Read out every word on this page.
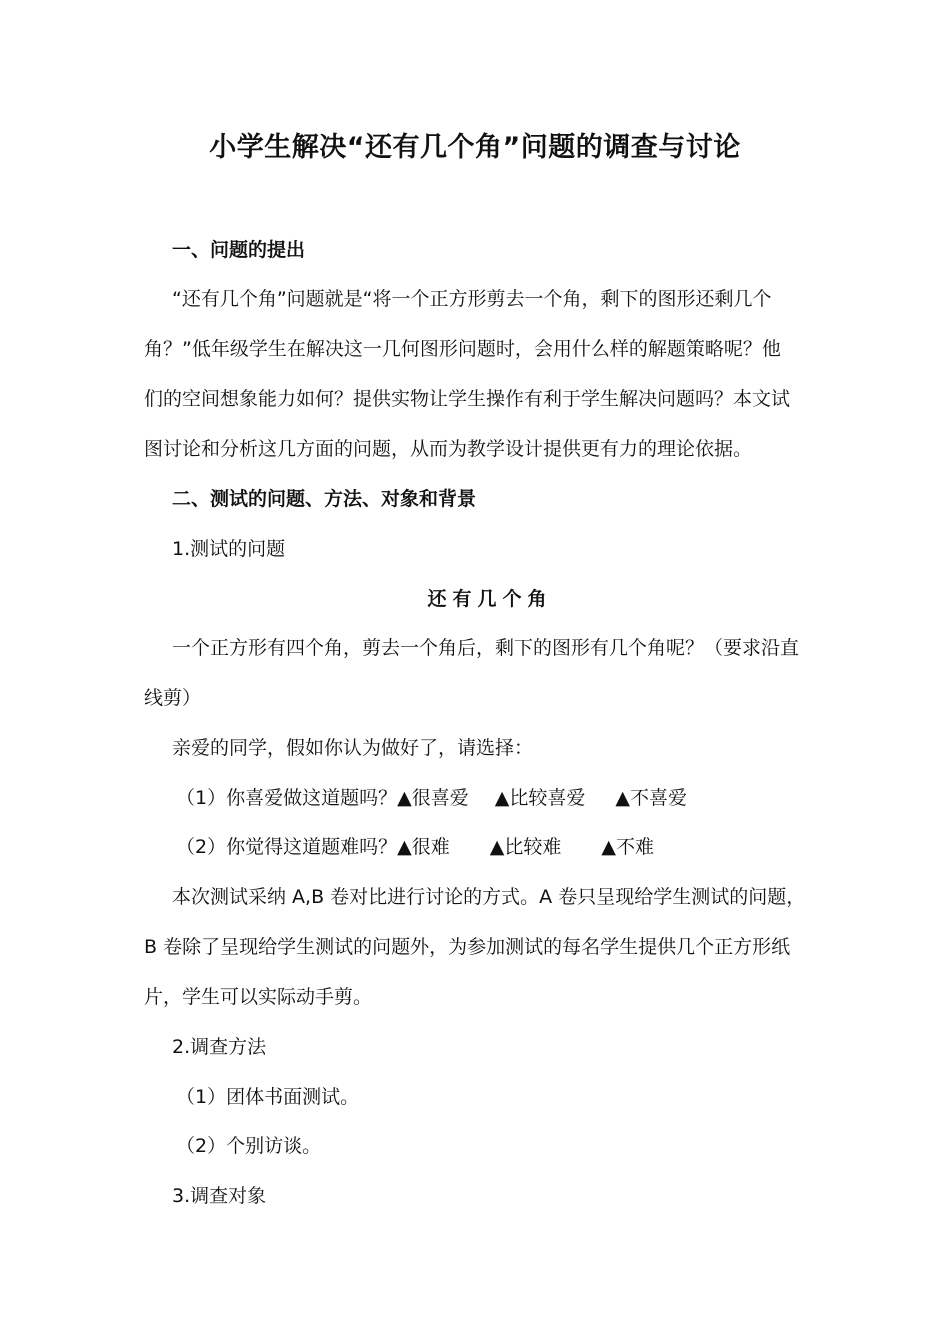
小学生解决“还有几个角”问题的调查与讨论
一、问题的提出
“还有几个角”问题就是“将一个正方形剪去一个角，剩下的图形还剩几个
角？”低年级学生在解决这一几何图形问题时，会用什么样的解题策略呢？他
们的空间想象能力如何？提供实物让学生操作有利于学生解决问题吗？本文试
图讨论和分析这几方面的问题，从而为教学设计提供更有力的理论依据。
二、测试的问题、方法、对象和背景
1.测试的问题
还有几个角
一个正方形有四个角，剪去一个角后，剩下的图形有几个角呢？（要求沿直
线剪）
亲爱的同学，假如你认为做好了，请选择：
（1）你喜爱做这道题吗？▲很喜爱 ▲比较喜爱 ▲不喜爱
（2）你觉得这道题难吗？▲很难 ▲比较难 ▲不难
本次测试采纳 A,B 卷对比进行讨论的方式。A 卷只呈现给学生测试的问题，
B 卷除了呈现给学生测试的问题外，为参加测试的每名学生提供几个正方形纸
片，学生可以实际动手剪。
2.调查方法
（1）团体书面测试。
（2）个别访谈。
3.调查对象
